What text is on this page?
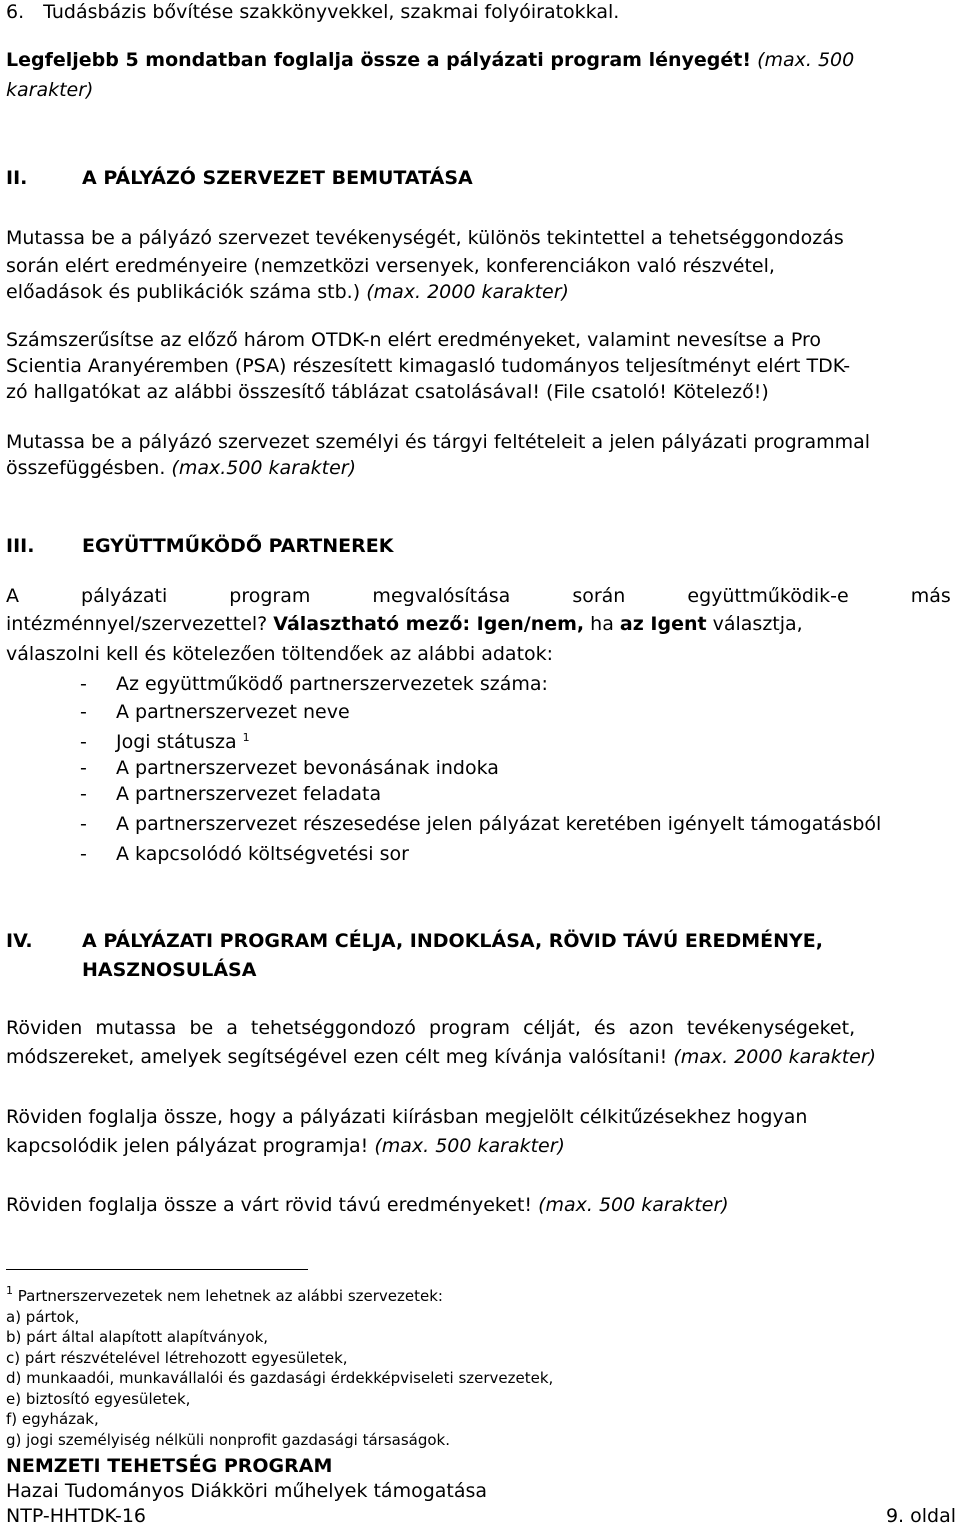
6. Tudásbázis bővítése szakkönyvekkel, szakmai folyóiratokkal.
Legfeljebb 5 mondatban foglalja össze a pályázati program lényegét! (max. 500
karakter)
II.	A PÁLYÁZÓ SZERVEZET BEMUTATÁSA
Mutassa be a pályázó szervezet tevékenységét, különös tekintettel a tehetséggondozás
során elért eredményeire (nemzetközi versenyek, konferenciákon való részvétel,
előadások és publikációk száma stb.) (max. 2000 karakter)
Számszerűsítse az előző három OTDK-n elért eredményeket, valamint nevesítse a Pro
Scientia Aranyéremben (PSA) részesített kimagasló tudományos teljesítményt elért TDK-
zó hallgatókat az alábbi összesítő táblázat csatolásával! (File csatoló! Kötelező!)
Mutassa be a pályázó szervezet személyi és tárgyi feltételeit a jelen pályázati programmal
összefüggésben. (max.500 karakter)
III.	EGYÜTTMŰKÖDŐ PARTNEREK
A pályázati program megvalósítása során együttműködik-e más
intézménnyel/szervezettel? Választható mező: Igen/nem, ha az Igent választja,
válaszolni kell és kötelezően töltendőek az alábbi adatok:
- Az együttműködő partnerszervezetek száma:
- A partnerszervezet neve
- Jogi státusza $^1$
- A partnerszervezet bevonásának indoka
- A partnerszervezet feladata
- A partnerszervezet részesedése jelen pályázat keretében igényelt támogatásból
- A kapcsolódó költségvetési sor
IV.	A PÁLYÁZATI PROGRAM CÉLJA, INDOKLÁSA, RÖVID TÁVÚ EREDMÉNYE,
HASZNOSULÁSA
Röviden mutassa be a tehetséggondozó program célját, és azon tevékenységeket,
módszereket, amelyek segítségével ezen célt meg kívánja valósítani! (max. 2000 karakter)
Röviden foglalja össze, hogy a pályázati kiírásban megjelölt célkitűzésekhez hogyan
kapcsolódik jelen pályázat programja! (max. 500 karakter)
Röviden foglalja össze a várt rövid távú eredményeket! (max. 500 karakter)
$^1$ Partnerszervezetek nem lehetnek az alábbi szervezetek:
a) pártok,
b) párt által alapított alapítványok,
c) párt részvételével létrehozott egyesületek,
d) munkaadói, munkavállalói és gazdasági érdekképviseleti szervezetek,
e) biztosító egyesületek,
f) egyházak,
g) jogi személyiség nélküli nonprofit gazdasági társaságok.
NEMZETI TEHETSÉG PROGRAM
Hazai Tudományos Diákköri műhelyek támogatása
NTP-HHTDK-16	9. oldal
